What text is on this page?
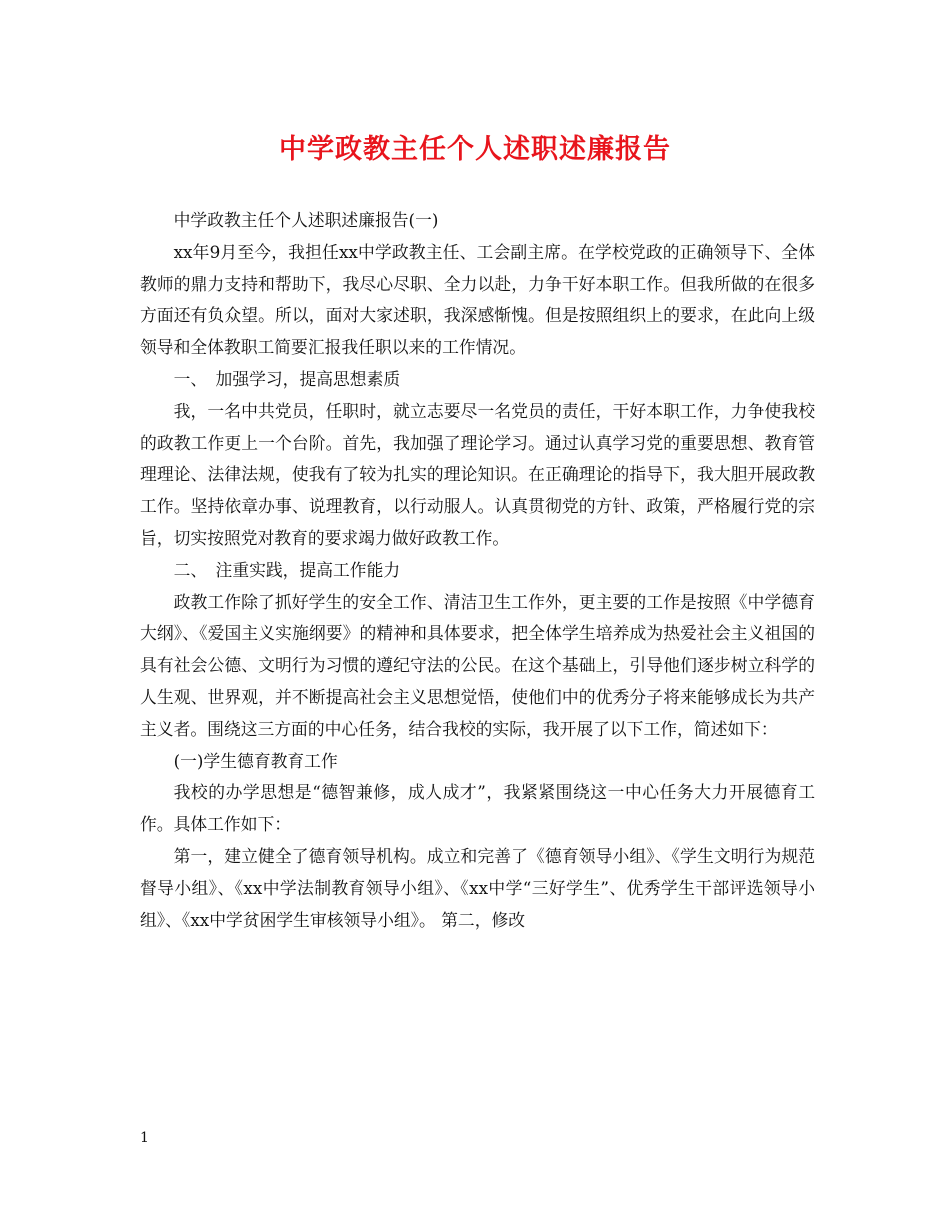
中学政教主任个人述职述廉报告

中学政教主任个人述职述廉报告(一)

xx年9月至今，我担任xx中学政教主任、工会副主席。在学校党政的正确领导下、全体教师的鼎力支持和帮助下，我尽心尽职、全力以赴，力争干好本职工作。但我所做的在很多方面还有负众望。所以，面对大家述职，我深感惭愧。但是按照组织上的要求，在此向上级领导和全体教职工简要汇报我任职以来的工作情况。

一、　加强学习，提高思想素质

我，一名中共党员，任职时，就立志要尽一名党员的责任，干好本职工作，力争使我校的政教工作更上一个台阶。首先，我加强了理论学习。通过认真学习党的重要思想、教育管理理论、法律法规，使我有了较为扎实的理论知识。在正确理论的指导下，我大胆开展政教工作。坚持依章办事、说理教育，以行动服人。认真贯彻党的方针、政策，严格履行党的宗旨，切实按照党对教育的要求竭力做好政教工作。

二、　注重实践，提高工作能力

政教工作除了抓好学生的安全工作、清洁卫生工作外，更主要的工作是按照《中学德育大纲》、《爱国主义实施纲要》的精神和具体要求，把全体学生培养成为热爱社会主义祖国的具有社会公德、文明行为习惯的遵纪守法的公民。在这个基础上，引导他们逐步树立科学的人生观、世界观，并不断提高社会主义思想觉悟，使他们中的优秀分子将来能够成长为共产主义者。围绕这三方面的中心任务，结合我校的实际，我开展了以下工作，简述如下：

(一)学生德育教育工作

我校的办学思想是“德智兼修，成人成才”，我紧紧围绕这一中心任务大力开展德育工作。具体工作如下：

第一，建立健全了德育领导机构。成立和完善了《德育领导小组》、《学生文明行为规范督导小组》、《xx中学法制教育领导小组》、《xx中学“三好学生”、优秀学生干部评选领导小组》、《xx中学贫困学生审核领导小组》。 第二，修改

1
